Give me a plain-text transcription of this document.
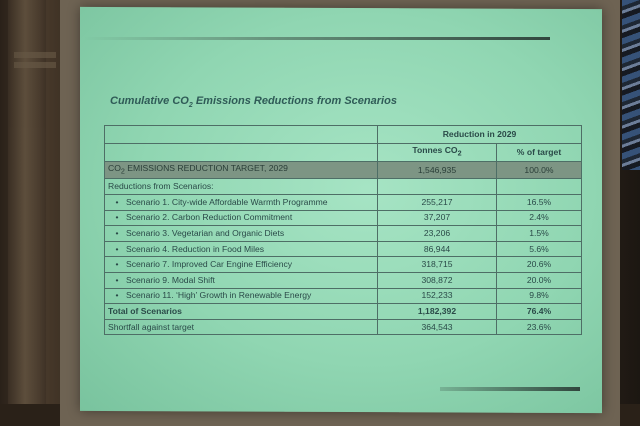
Cumulative $CO_2$ Emissions Reductions from Scenarios
	Reduction in 2029	
	Tonnes $CO_2$	% of target
$CO_2$ EMISSIONS REDUCTION TARGET, 2029	1,546,935	100.0%
Reductions from Scenarios:		
• Scenario 1. City-wide Affordable Warmth Programme	255,217	16.5%
• Scenario 2. Carbon Reduction Commitment	37,207	2.4%
• Scenario 3. Vegetarian and Organic Diets	23,206	1.5%
• Scenario 4. Reduction in Food Miles	86,944	5.6%
• Scenario 7. Improved Car Engine Efficiency	318,715	20.6%
• Scenario 9. Modal Shift	308,872	20.0%
• Scenario 11. ‘High’ Growth in Renewable Energy	152,233	9.8%
Total of Scenarios	1,182,392	76.4%
Shortfall against target	364,543	23.6%
